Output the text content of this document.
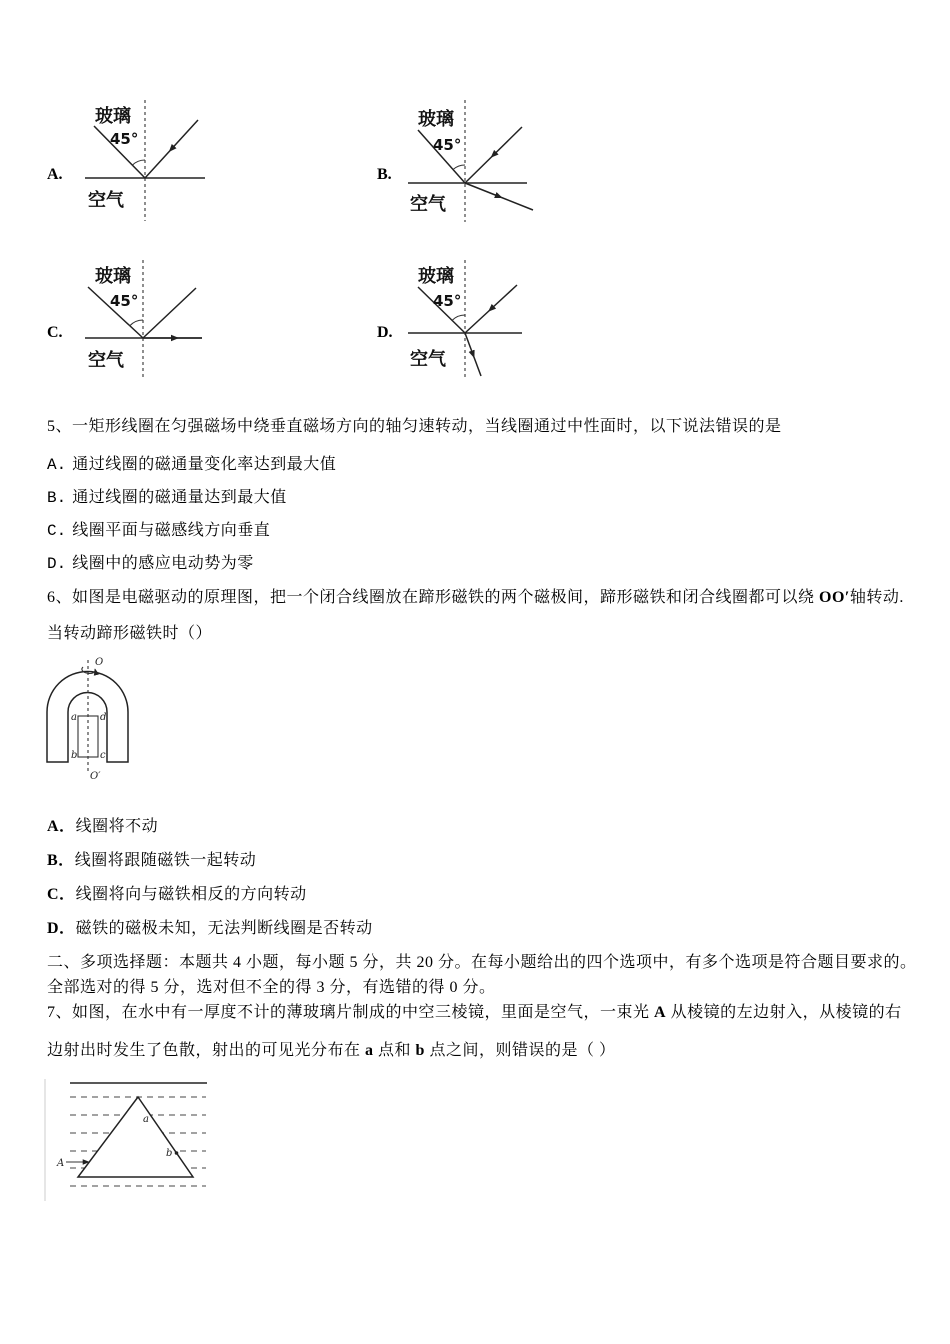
A.
玻璃
45°
空气
B.
玻璃
45°
空气
C.
玻璃
45°
空气
D.
玻璃
45°
空气
5、一矩形线圈在匀强磁场中绕垂直磁场方向的轴匀速转动，当线圈通过中性面时，以下说法错误的是
A. 通过线圈的磁通量变化率达到最大值
B. 通过线圈的磁通量达到最大值
C. 线圈平面与磁感线方向垂直
D. 线圈中的感应电动势为零
6、如图是电磁驱动的原理图，把一个闭合线圈放在蹄形磁铁的两个磁极间，蹄形磁铁和闭合线圈都可以绕 OO′轴转动.
当转动蹄形磁铁时（）
O
a d
b c
O′
A．线圈将不动
B．线圈将跟随磁铁一起转动
C．线圈将向与磁铁相反的方向转动
D．磁铁的磁极未知，无法判断线圈是否转动
二、多项选择题：本题共 4 小题，每小题 5 分，共 20 分。在每小题给出的四个选项中，有多个选项是符合题目要求的。
全部选对的得 5 分，选对但不全的得 3 分，有选错的得 0 分。
7、如图，在水中有一厚度不计的薄玻璃片制成的中空三棱镜，里面是空气，一束光 A 从棱镜的左边射入，从棱镜的右
边射出时发生了色散，射出的可见光分布在 a 点和 b 点之间，则错误的是（ ）
a
b
A
